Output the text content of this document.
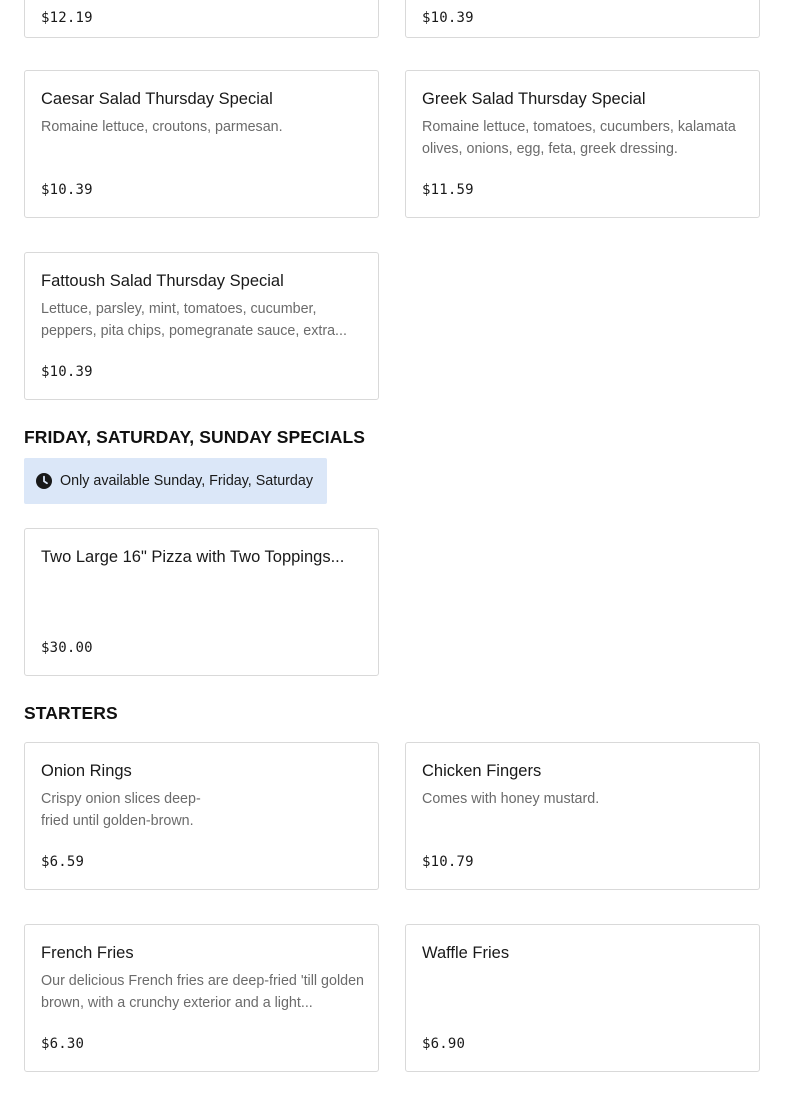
$12.19	$10.39
Caesar Salad Thursday Special
Romaine lettuce, croutons, parmesan.
$10.39
Greek Salad Thursday Special
Romaine lettuce, tomatoes, cucumbers, kalamata olives, onions, egg, feta, greek dressing.
$11.59
Fattoush Salad Thursday Special
Lettuce, parsley, mint, tomatoes, cucumber, peppers, pita chips, pomegranate sauce, extra...
$10.39
FRIDAY, SATURDAY, SUNDAY SPECIALS
Only available Sunday, Friday, Saturday
Two Large 16" Pizza with Two Toppings...
$30.00
STARTERS
Onion Rings
Crispy onion slices deep-fried until golden-brown.
$6.59
Chicken Fingers
Comes with honey mustard.
$10.79
French Fries
Our delicious French fries are deep-fried 'till golden brown, with a crunchy exterior and a light...
$6.30
Waffle Fries
$6.90
